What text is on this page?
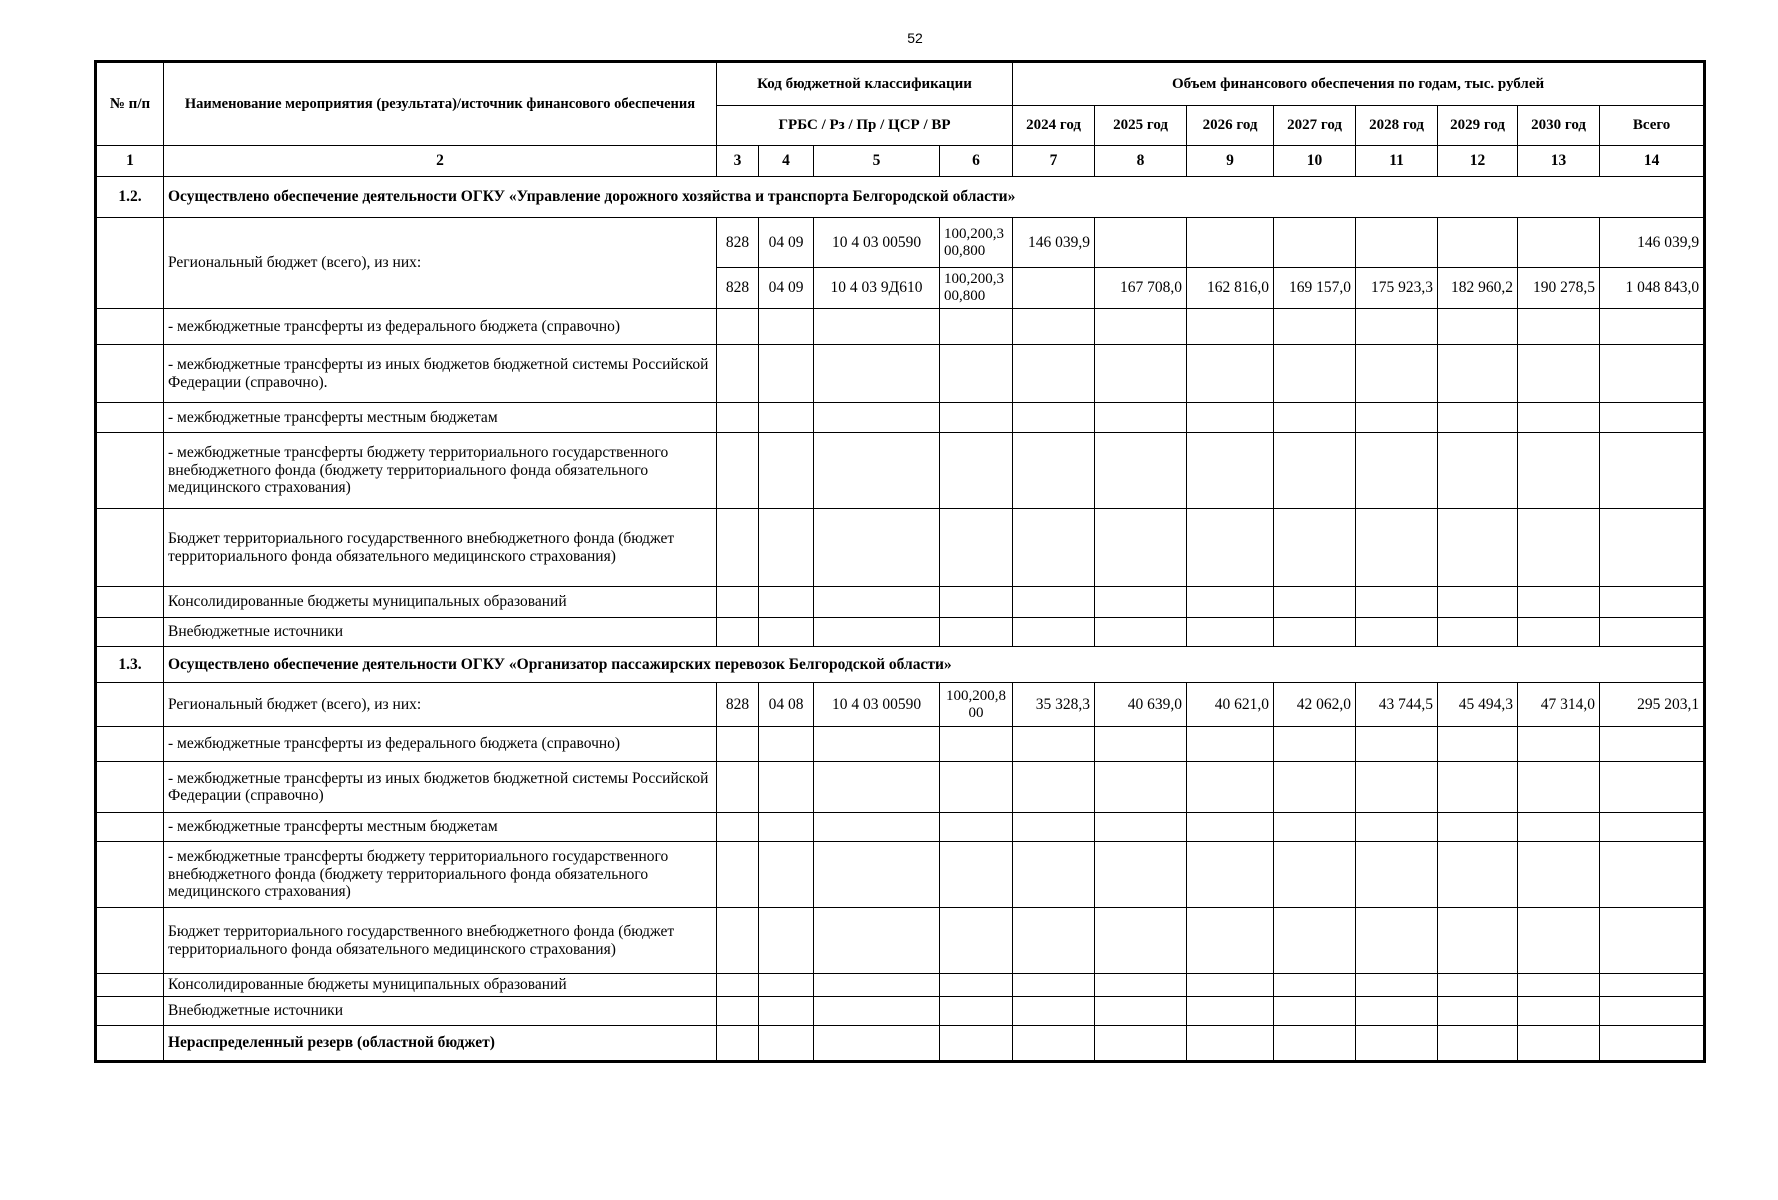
52
№ п/п	Наименование мероприятия (результата)/источник финансового обеспечения	Код бюджетной классификации				Объем финансового обеспечения по годам, тыс. рублей							
		ГРБС / Рз / Пр / ЦСР / ВР				2024 год	2025 год	2026 год	2027 год	2028 год	2029 год	2030 год	Всего
1	2	3	4	5	6	7	8	9	10	11	12	13	14
1.2.	Осуществлено обеспечение деятельности ОГКУ «Управление дорожного хозяйства и транспорта Белгородской области»												
	Региональный бюджет (всего), из них:	828	04 09	10 4 03 00590	100,200,3 00,800	146 039,9							146 039,9
		828	04 09	10 4 03 9Д610	100,200,3 00,800		167 708,0	162 816,0	169 157,0	175 923,3	182 960,2	190 278,5	1 048 843,0
	- межбюджетные трансферты из федерального бюджета (справочно)												
	- межбюджетные трансферты из иных бюджетов бюджетной системы Российской Федерации (справочно).												
	- межбюджетные трансферты местным бюджетам												
	- межбюджетные трансферты бюджету территориального государственного внебюджетного фонда (бюджету территориального фонда обязательного медицинского страхования)												
	Бюджет территориального государственного внебюджетного фонда (бюджет территориального фонда обязательного медицинского страхования)												
	Консолидированные бюджеты муниципальных образований												
	Внебюджетные источники												
1.3.	Осуществлено обеспечение деятельности ОГКУ «Организатор пассажирских перевозок Белгородской области»												
	Региональный бюджет (всего), из них:	828	04 08	10 4 03 00590	100,200,8 00	35 328,3	40 639,0	40 621,0	42 062,0	43 744,5	45 494,3	47 314,0	295 203,1
	- межбюджетные трансферты из федерального бюджета (справочно)												
	- межбюджетные трансферты из иных бюджетов бюджетной системы Российской Федерации (справочно)												
	- межбюджетные трансферты местным бюджетам												
	- межбюджетные трансферты бюджету территориального государственного внебюджетного фонда (бюджету территориального фонда обязательного медицинского страхования)												
	Бюджет территориального государственного внебюджетного фонда (бюджет территориального фонда обязательного медицинского страхования)												
	Консолидированные бюджеты муниципальных образований												
	Внебюджетные источники												
	Нераспределенный резерв (областной бюджет)												
